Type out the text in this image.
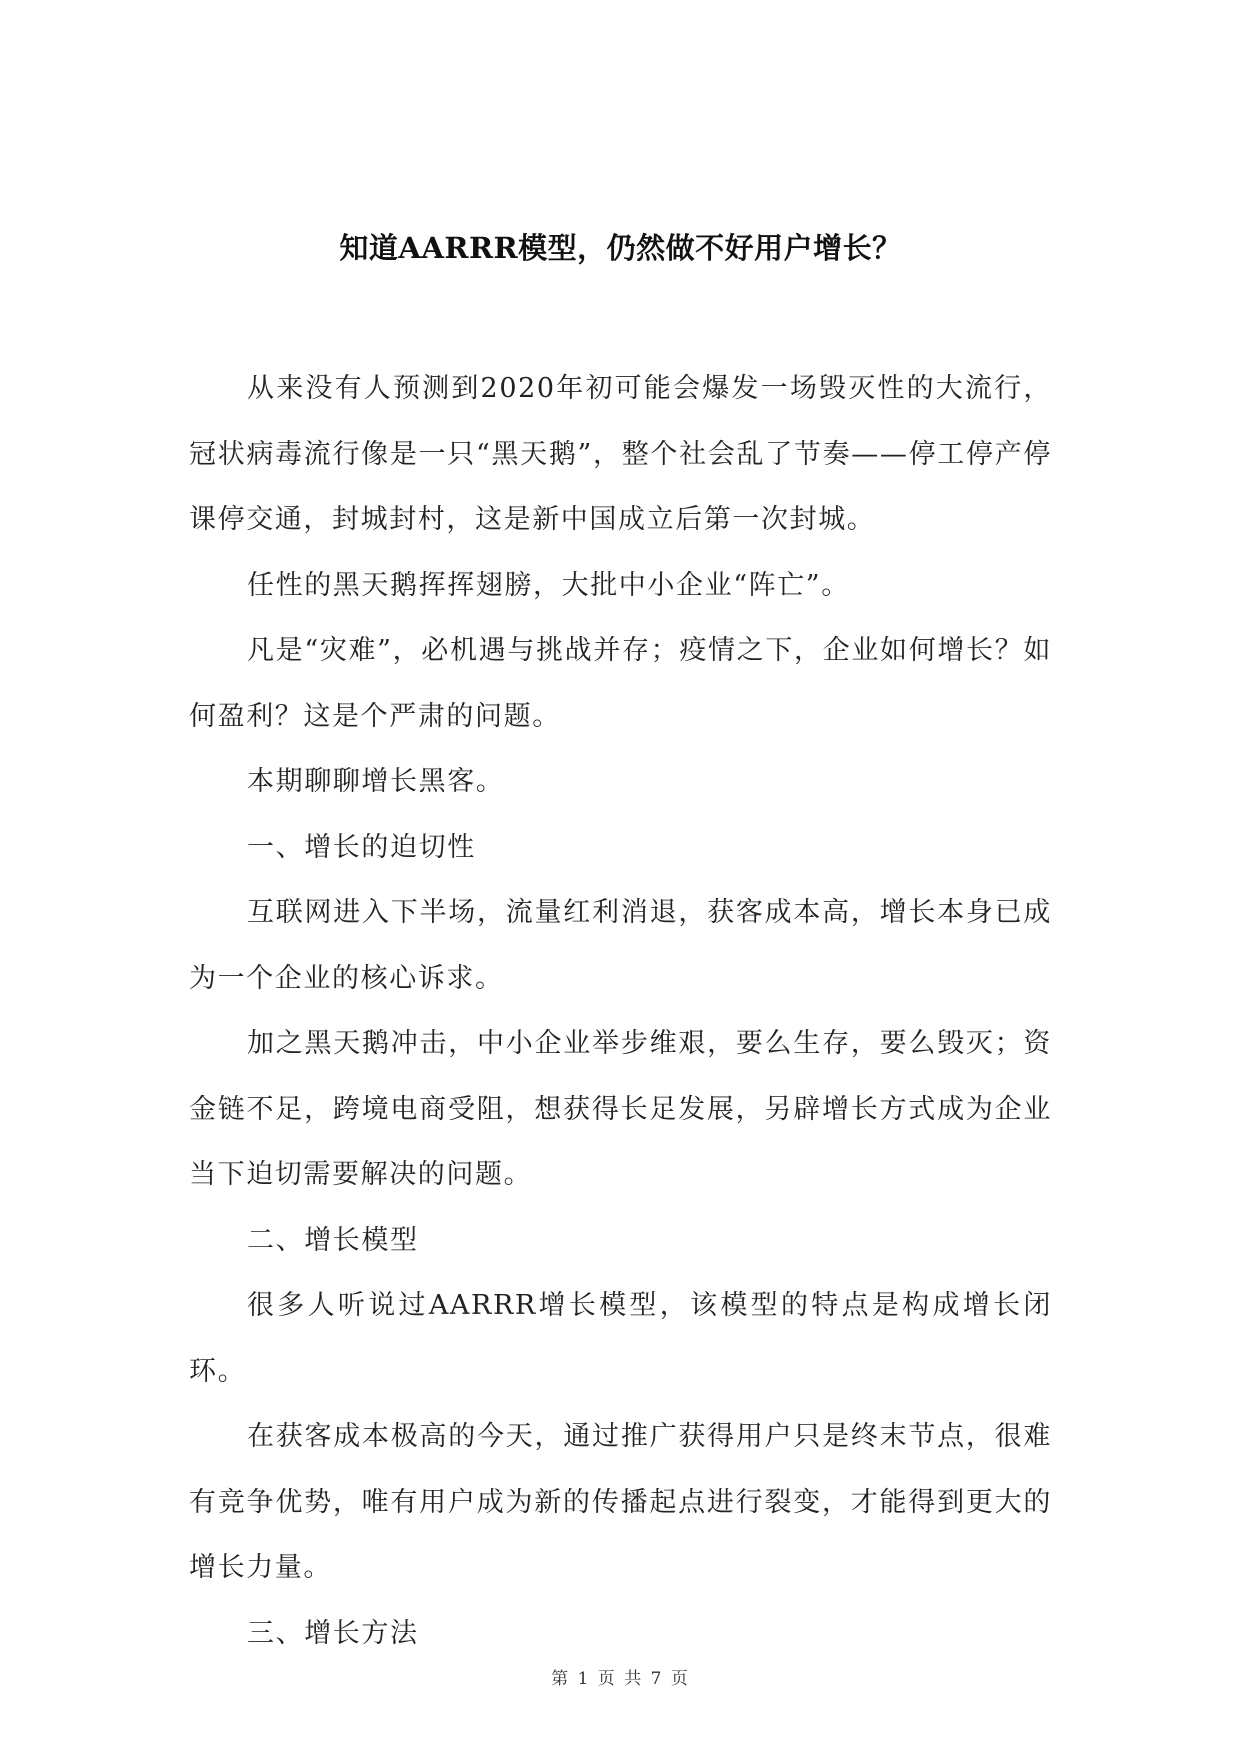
知道AARRR模型，仍然做不好用户增长？

从来没有人预测到2020年初可能会爆发一场毁灭性的大流行，冠状病毒流行像是一只“黑天鹅”，整个社会乱了节奏——停工停产停课停交通，封城封村，这是新中国成立后第一次封城。

任性的黑天鹅挥挥翅膀，大批中小企业“阵亡”。

凡是“灾难”，必机遇与挑战并存；疫情之下，企业如何增长？如何盈利？这是个严肃的问题。

本期聊聊增长黑客。

一、增长的迫切性

互联网进入下半场，流量红利消退，获客成本高，增长本身已成为一个企业的核心诉求。

加之黑天鹅冲击，中小企业举步维艰，要么生存，要么毁灭；资金链不足，跨境电商受阻，想获得长足发展，另辟增长方式成为企业当下迫切需要解决的问题。

二、增长模型

很多人听说过AARRR增长模型，该模型的特点是构成增长闭环。

在获客成本极高的今天，通过推广获得用户只是终末节点，很难有竞争优势，唯有用户成为新的传播起点进行裂变，才能得到更大的增长力量。

三、增长方法

第 1 页 共 7 页
